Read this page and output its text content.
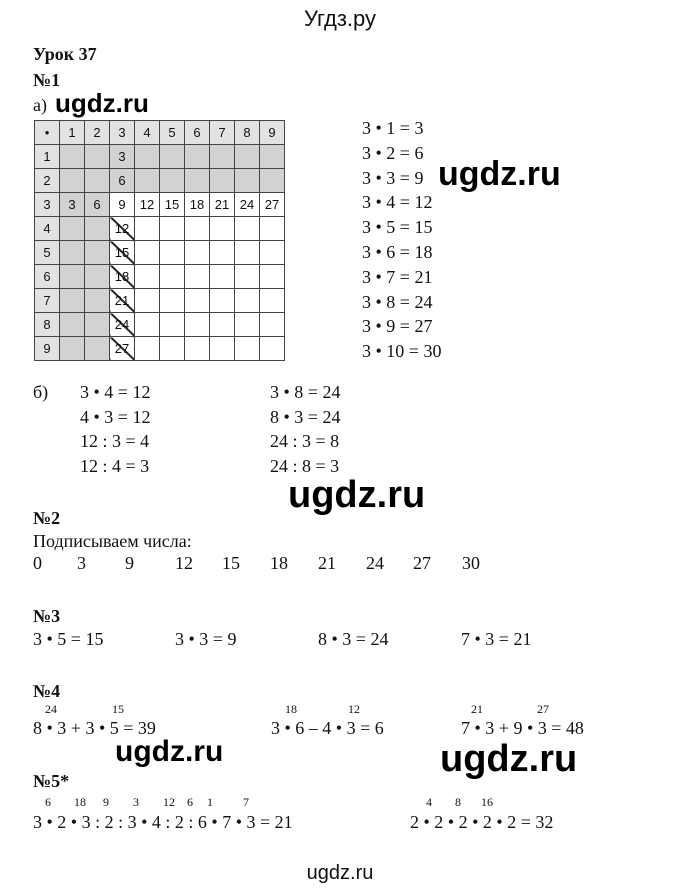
Угдз.ру
Урок 37
№1
а) ugdz.ru
•	1	2	3	4	5	6	7	8	9
1			3						
2			6						
3	3	6	9	12	15	18	21	24	27
4			12						
5			15						
6			18						
7			21						
8			24						
9			27						
3 • 1 = 3
3 • 2 = 6
3 • 3 = 9
3 • 4 = 12
3 • 5 = 15
3 • 6 = 18
3 • 7 = 21
3 • 8 = 24
3 • 9 = 27
3 • 10 = 30
ugdz.ru
б) 3 • 4 = 12
4 • 3 = 12
12 : 3 = 4
12 : 4 = 3
3 • 8 = 24
8 • 3 = 24
24 : 3 = 8
24 : 8 = 3
ugdz.ru
№2
Подписываем числа:
0 3 9 12 15 18 21 24 27 30
№3
3 • 5 = 15	3 • 3 = 9	8 • 3 = 24	7 • 3 = 21
№4
24	15
8 • 3 + 3 • 5 = 39
18	12
3 • 6 – 4 • 3 = 6
21	27
7 • 3 + 9 • 3 = 48
ugdz.ru	ugdz.ru
№5*
6 18 9 3 12 6 1	7
3 • 2 • 3 : 2 : 3 • 4 : 2 : 6 • 7 • 3 = 21
4 8 16
2 • 2 • 2 • 2 • 2 = 32
ugdz.ru
